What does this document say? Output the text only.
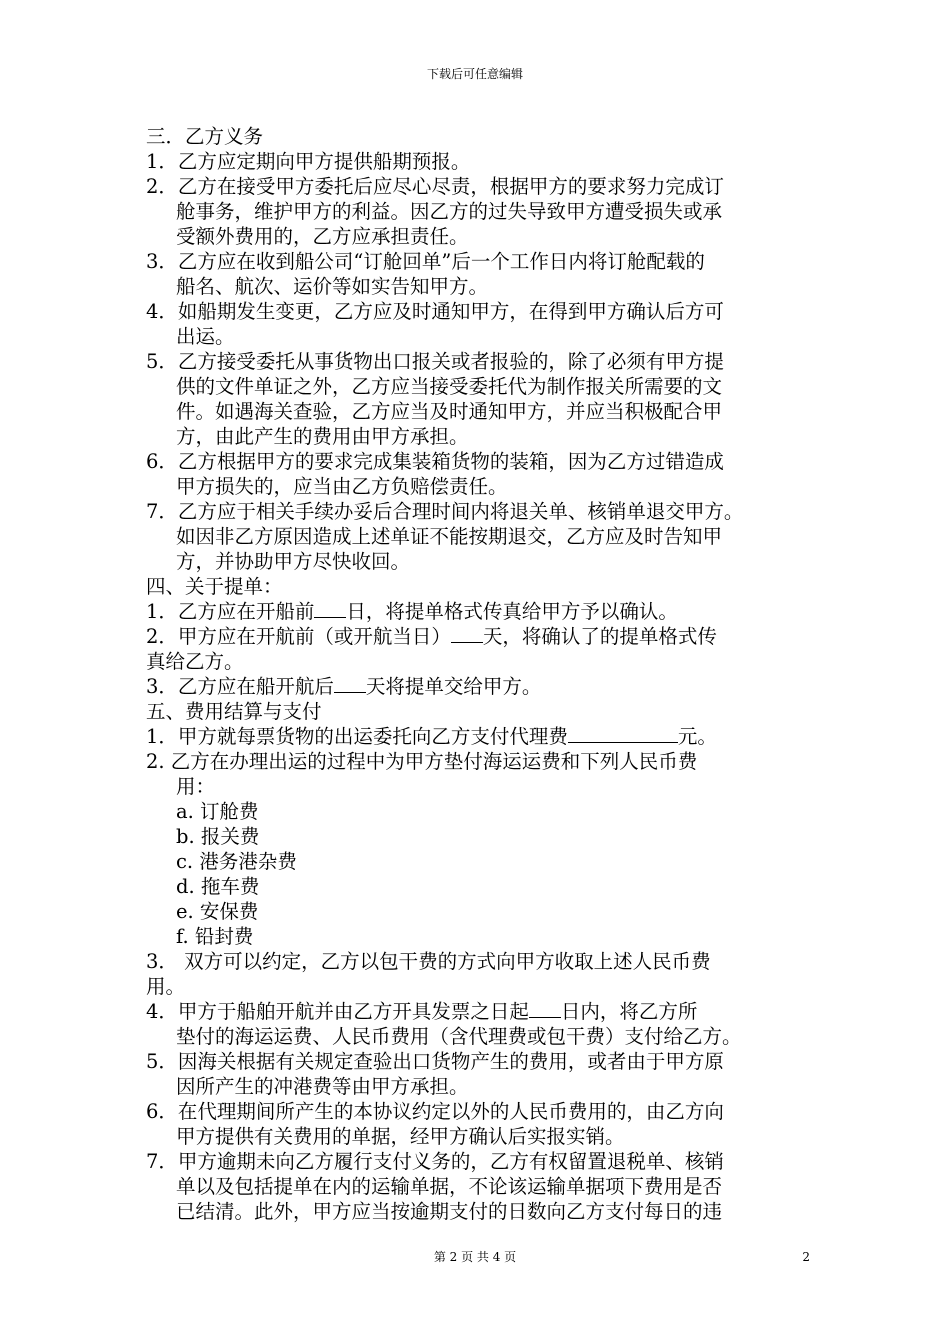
下载后可任意编辑
三．乙方义务
1．乙方应定期向甲方提供船期预报。
2．乙方在接受甲方委托后应尽心尽责，根据甲方的要求努力完成订
舱事务，维护甲方的利益。因乙方的过失导致甲方遭受损失或承
受额外费用的，乙方应承担责任。
3．乙方应在收到船公司“订舱回单”后一个工作日内将订舱配载的
船名、航次、运价等如实告知甲方。
4．如船期发生变更，乙方应及时通知甲方，在得到甲方确认后方可
出运。
5．乙方接受委托从事货物出口报关或者报验的，除了必须有甲方提
供的文件单证之外，乙方应当接受委托代为制作报关所需要的文
件。如遇海关查验，乙方应当及时通知甲方，并应当积极配合甲
方，由此产生的费用由甲方承担。
6．乙方根据甲方的要求完成集装箱货物的装箱，因为乙方过错造成
甲方损失的，应当由乙方负赔偿责任。
7．乙方应于相关手续办妥后合理时间内将退关单、核销单退交甲方。
如因非乙方原因造成上述单证不能按期退交，乙方应及时告知甲
方，并协助甲方尽快收回。
四、关于提单：
1．乙方应在开船前 日，将提单格式传真给甲方予以确认。
2．甲方应在开航前（或开航当日） 天，将确认了的提单格式传
真给乙方。
3．乙方应在船开航后 天将提单交给甲方。
五、费用结算与支付
1．甲方就每票货物的出运委托向乙方支付代理费	元。
2. 乙方在办理出运的过程中为甲方垫付海运运费和下列人民币费
用：
a. 订舱费
b. 报关费
c. 港务港杂费
d. 拖车费
e. 安保费
f. 铅封费
3． 双方可以约定，乙方以包干费的方式向甲方收取上述人民币费
用。
4．甲方于船舶开航并由乙方开具发票之日起 日内，将乙方所
垫付的海运运费、人民币费用（含代理费或包干费）支付给乙方。
5．因海关根据有关规定查验出口货物产生的费用，或者由于甲方原
因所产生的冲港费等由甲方承担。
6．在代理期间所产生的本协议约定以外的人民币费用的，由乙方向
甲方提供有关费用的单据，经甲方确认后实报实销。
7．甲方逾期未向乙方履行支付义务的，乙方有权留置退税单、核销
单以及包括提单在内的运输单据，不论该运输单据项下费用是否
已结清。此外，甲方应当按逾期支付的日数向乙方支付每日的违
第 2 页 共 4 页	2
